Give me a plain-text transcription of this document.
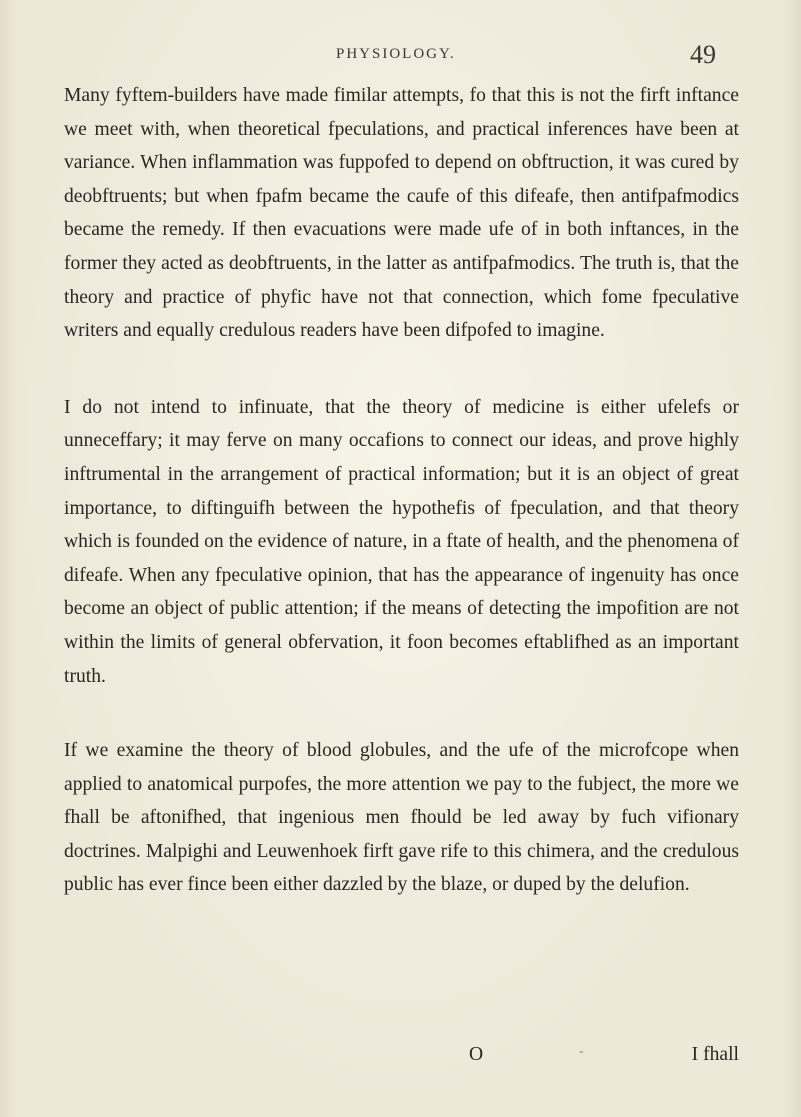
PHYSIOLOGY.	49

Many fyftem-builders have made fimilar attempts, fo that this is not the firft inftance we meet with, when theoretical fpeculations, and practical inferences have been at variance. When inflammation was fuppofed to depend on obftruction, it was cured by deobftruents; but when fpafm became the caufe of this difeafe, then antifpafmodics became the remedy. If then evacuations were made ufe of in both inftances, in the former they acted as deobftruents, in the latter as antifpafmodics. The truth is, that the theory and practice of phyfic have not that connection, which fome fpeculative writers and equally credulous readers have been difpofed to imagine.

I do not intend to infinuate, that the theory of medicine is either ufelefs or unneceffary; it may ferve on many occafions to connect our ideas, and prove highly inftrumental in the arrangement of practical information; but it is an object of great importance, to diftinguifh between the hypothefis of fpeculation, and that theory which is founded on the evidence of nature, in a ftate of health, and the phenomena of difeafe. When any fpeculative opinion, that has the appearance of ingenuity has once become an object of public attention; if the means of detecting the impofition are not within the limits of general obfervation, it foon becomes eftablifhed as an important truth.

If we examine the theory of blood globules, and the ufe of the microfcope when applied to anatomical purpofes, the more attention we pay to the fubject, the more we fhall be aftonifhed, that ingenious men fhould be led away by fuch vifionary doctrines. Malpighi and Leuwenhoek firft gave rife to this chimera, and the credulous public has ever fince been either dazzled by the blaze, or duped by the delufion.

O	-	I fhall
